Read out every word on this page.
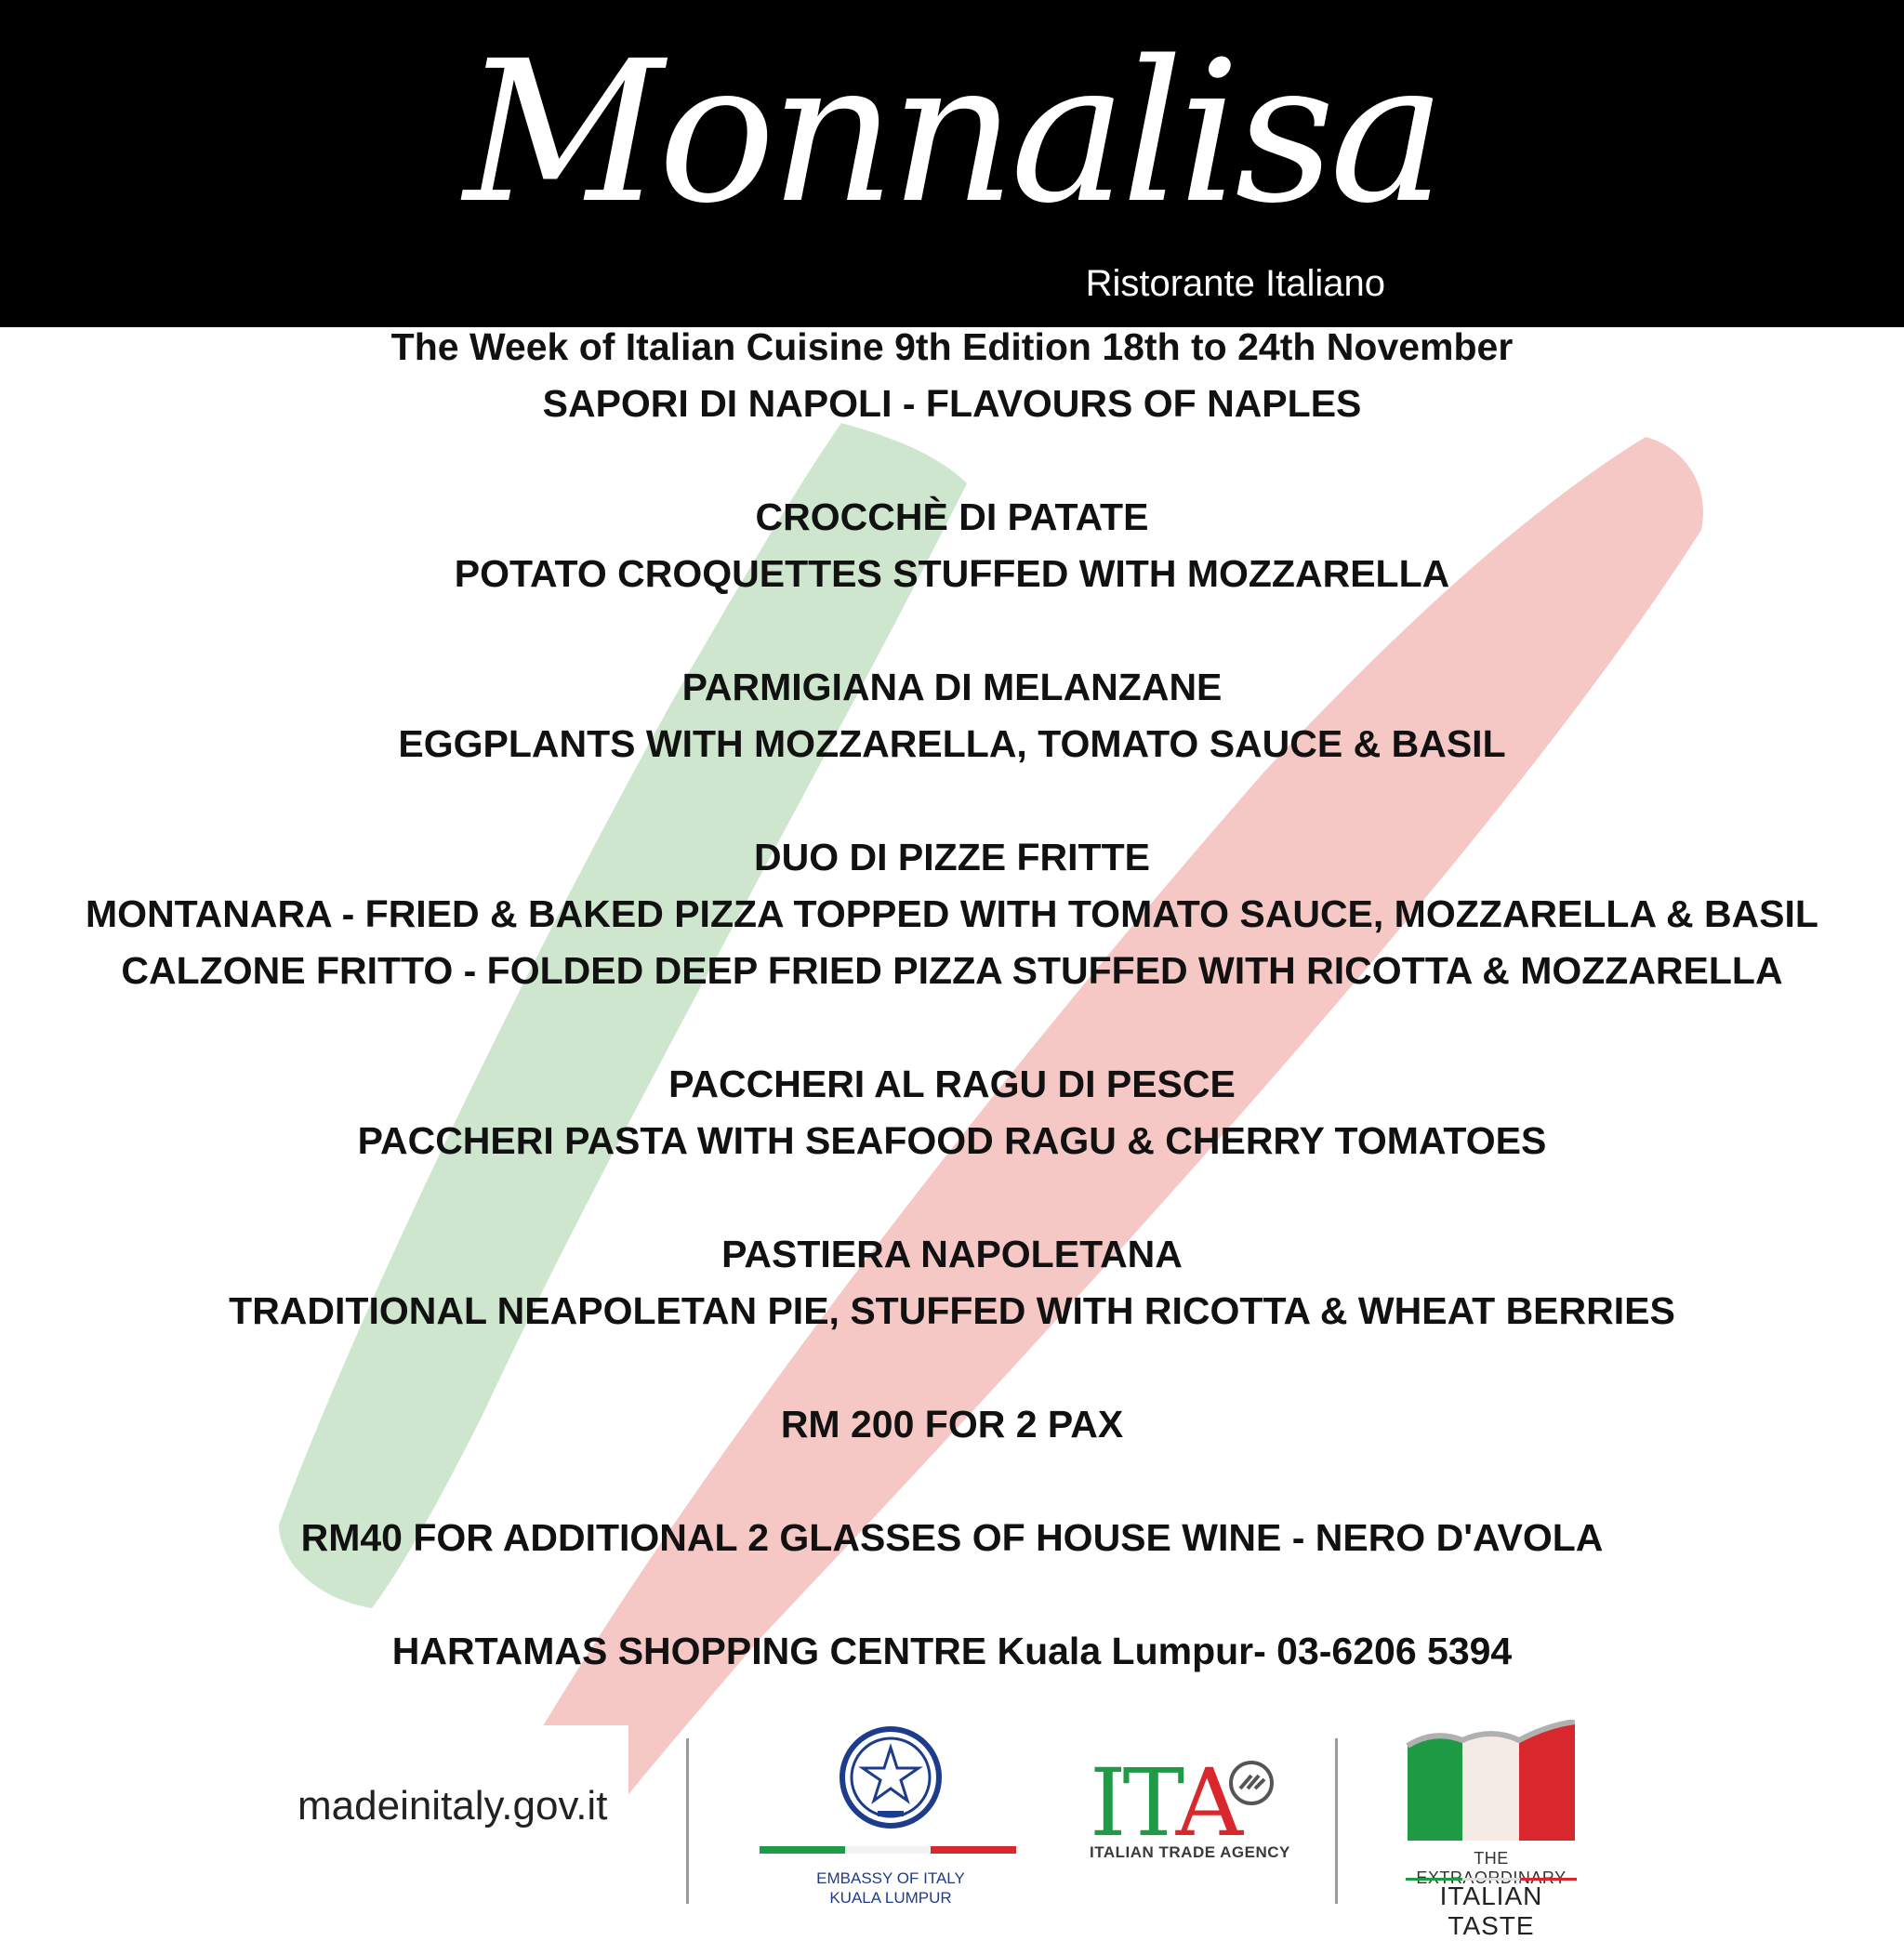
Monnalisa
Ristorante Italiano
The Week of Italian Cuisine 9th Edition 18th to 24th November
SAPORI DI NAPOLI - FLAVOURS OF NAPLES
CROCCHÈ DI PATATE
POTATO CROQUETTES STUFFED WITH MOZZARELLA
PARMIGIANA DI MELANZANE
EGGPLANTS WITH MOZZARELLA, TOMATO SAUCE & BASIL
DUO DI PIZZE FRITTE
MONTANARA - FRIED & BAKED PIZZA TOPPED WITH TOMATO SAUCE, MOZZARELLA & BASIL
CALZONE FRITTO - FOLDED DEEP FRIED PIZZA STUFFED WITH RICOTTA & MOZZARELLA
PACCHERI AL RAGU DI PESCE
PACCHERI PASTA WITH SEAFOOD RAGU & CHERRY TOMATOES
PASTIERA NAPOLETANA
TRADITIONAL NEAPOLETAN PIE, STUFFED WITH RICOTTA & WHEAT BERRIES
RM 200 FOR 2 PAX
RM40 FOR ADDITIONAL 2 GLASSES OF HOUSE WINE - NERO D'AVOLA
HARTAMAS SHOPPING CENTRE Kuala Lumpur- 03-6206 5394
madeinitaly.gov.it
EMBASSY OF ITALY
KUALA LUMPUR
ITA
ITALIAN TRADE AGENCY	THE
ITALIAN TASTE
